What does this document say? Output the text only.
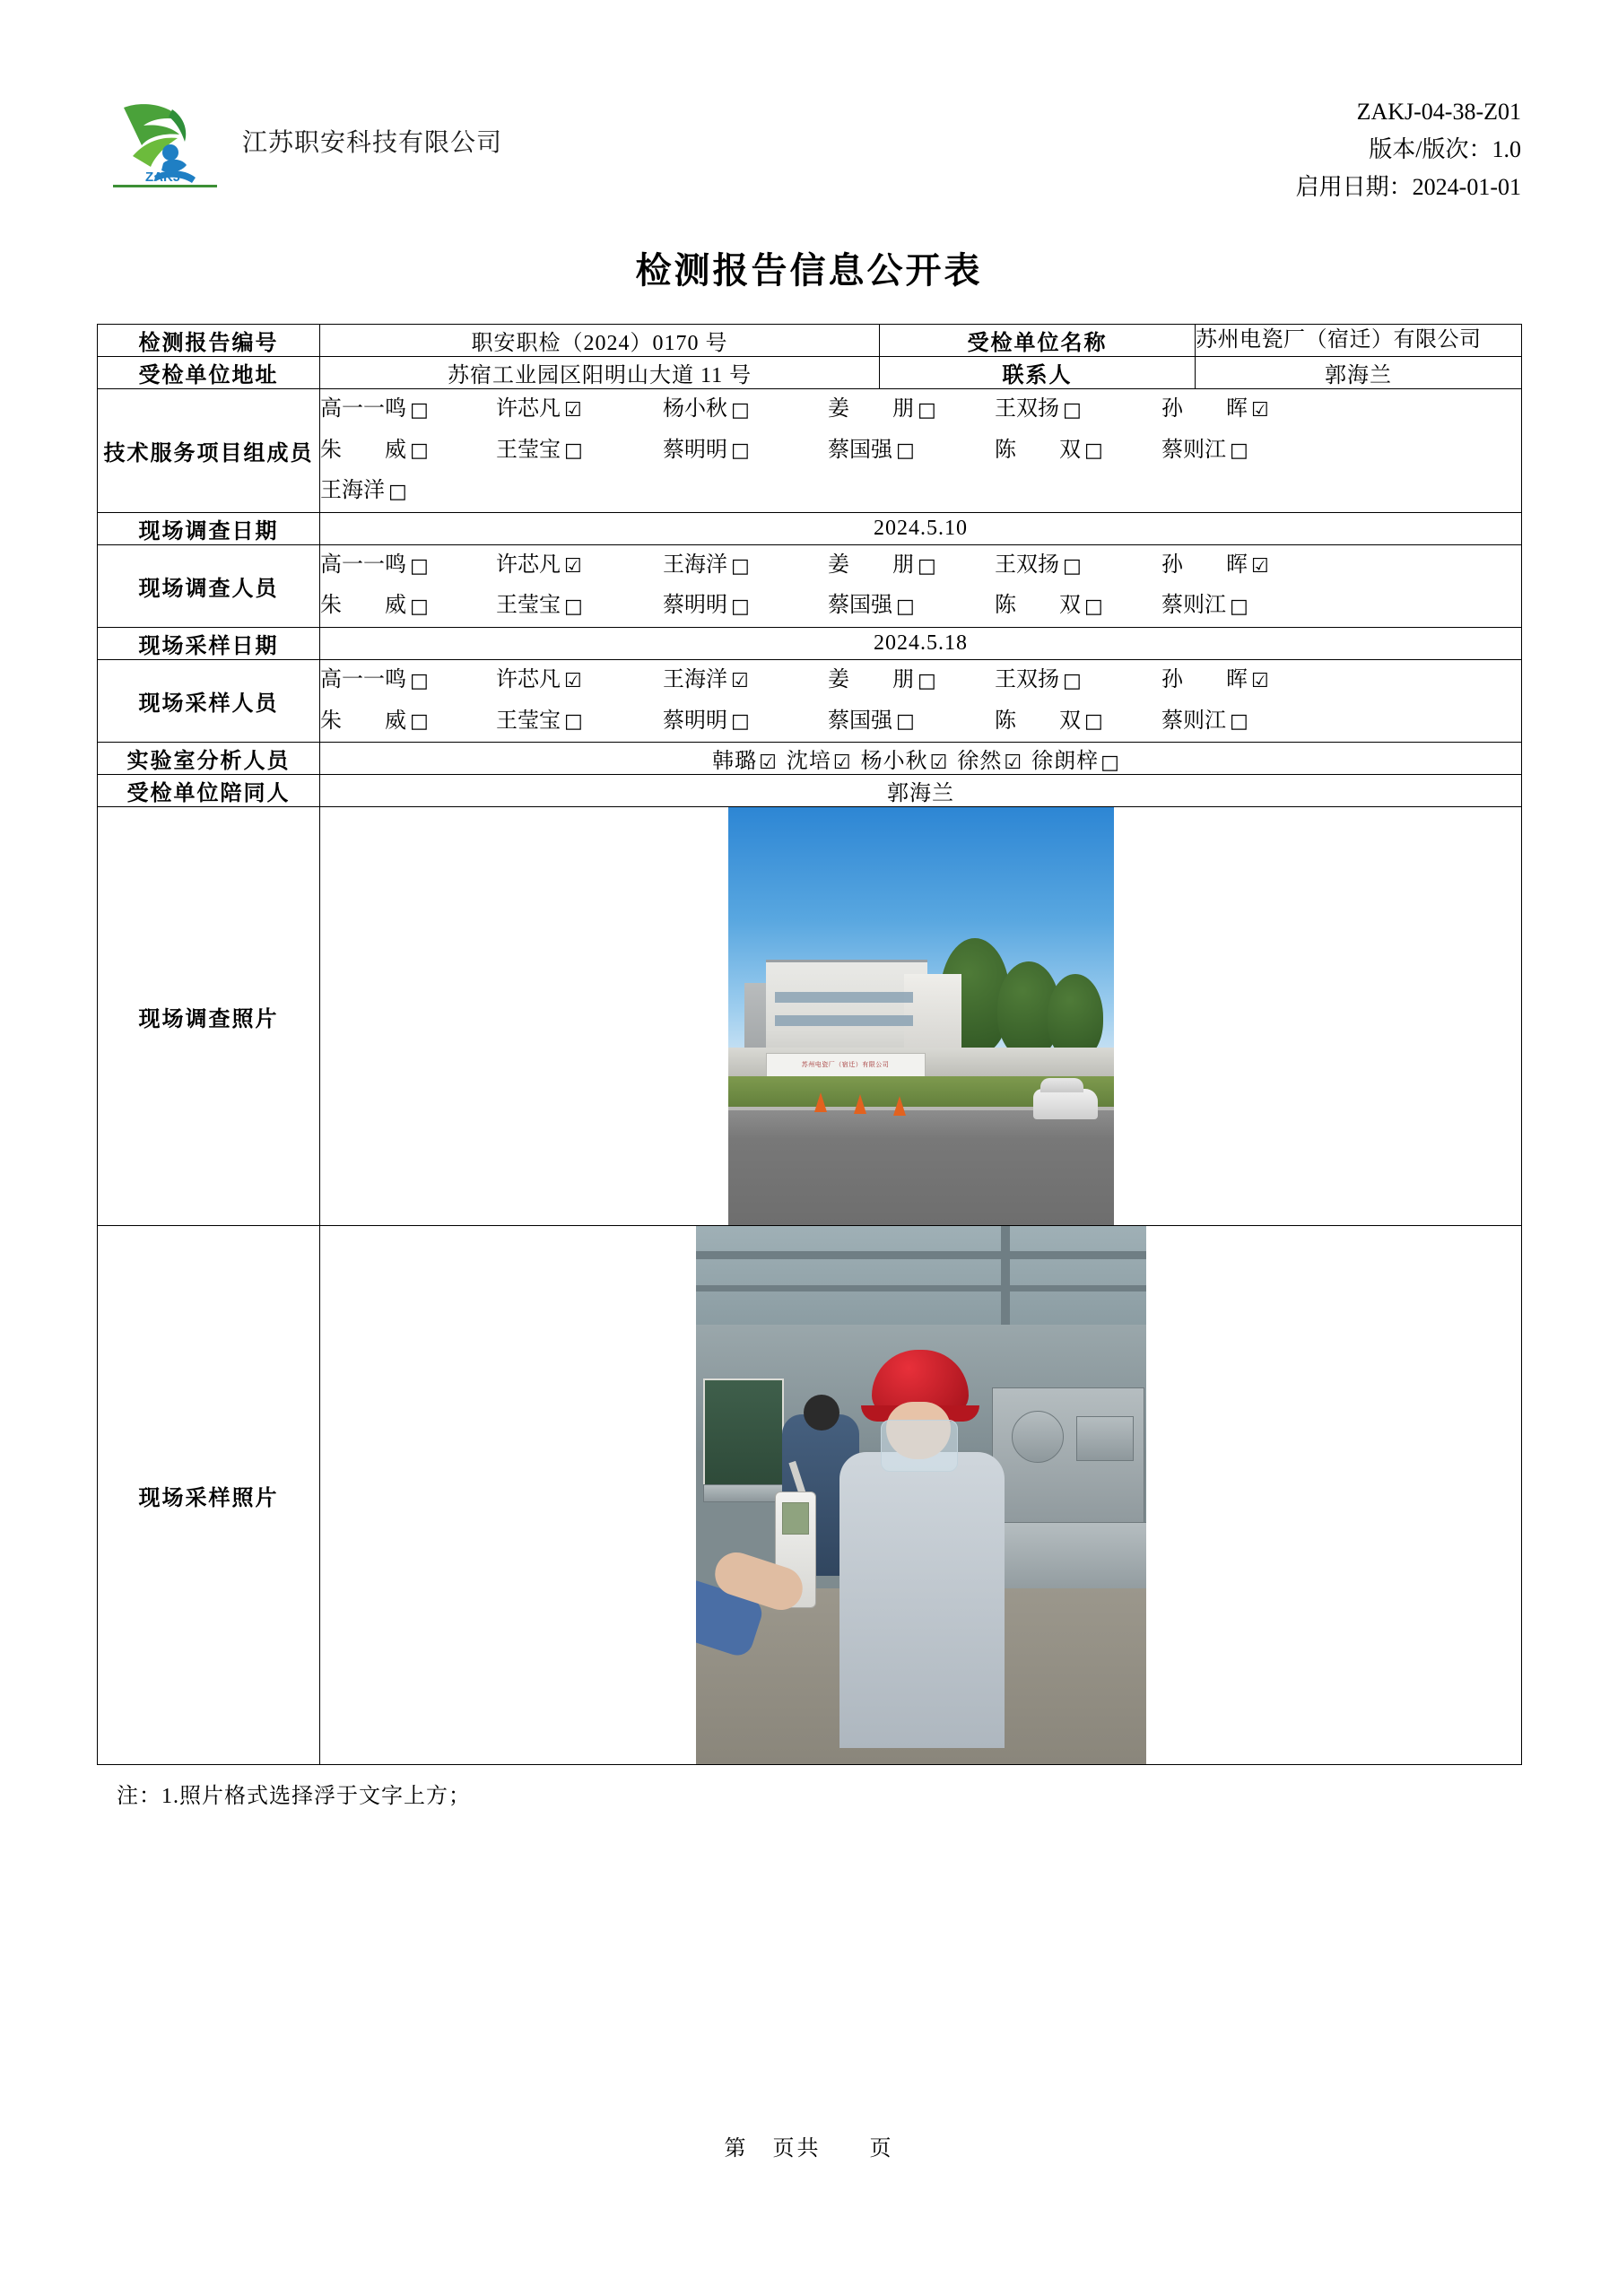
ZAKJ
江苏职安科技有限公司
ZAKJ-04-38-Z01
版本/版次：1.0
启用日期：2024-01-01
检测报告信息公开表
检测报告编号	职安职检（2024）0170 号	受检单位名称	苏州电瓷厂（宿迁）有限公司
受检单位地址	苏宿工业园区阳明山大道 11 号	联系人	郭海兰
技术服务项目组成员	
高一一鸣 □	许芯凡 ☑	杨小秋 □	姜　　朋 □	王双扬 □	孙　　晖 ☑
朱　　威 □	王莹宝 □	蔡明明 □	蔡国强 □	陈　　双 □	蔡则江 □
王海洋 □

现场调查日期	2024.5.10		
现场调查人员	
高一一鸣 □	许芯凡 ☑	王海洋 □	姜　　朋 □	王双扬 □	孙　　晖 ☑
朱　　威 □	王莹宝 □	蔡明明 □	蔡国强 □	陈　　双 □	蔡则江 □

现场采样日期	2024.5.18		
现场采样人员	
高一一鸣 □	许芯凡 ☑	王海洋 ☑	姜　　朋 □	王双扬 □	孙　　晖 ☑
朱　　威 □	王莹宝 □	蔡明明 □	蔡国强 □	陈　　双 □	蔡则江 □

实验室分析人员	韩璐☑ 沈培☑ 杨小秋☑ 徐然☑ 徐朗梓□		
受检单位陪同人	郭海兰		
现场调查照片	苏州电瓷厂（宿迁）有限公司		

现场采样照片			
注：1.照片格式选择浮于文字上方；
第　页共　　页
